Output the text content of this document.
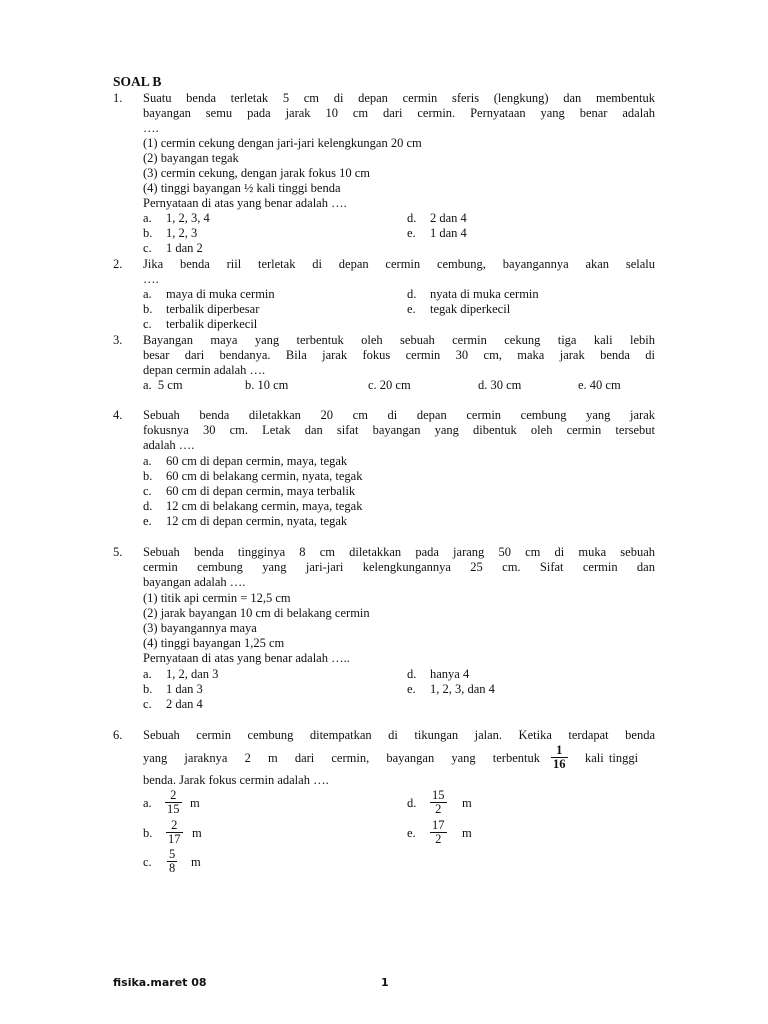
SOAL B
1. Suatu benda terletak 5 cm di depan cermin sferis (lengkung) dan membentuk
bayangan semu pada jarak 10 cm dari cermin. Pernyataan yang benar adalah
….
(1) cermin cekung dengan jari-jari kelengkungan 20 cm
(2) bayangan tegak
(3) cermin cekung, dengan jarak fokus 10 cm
(4) tinggi bayangan ½ kali tinggi benda
Pernyataan di atas yang benar adalah ….
a. 1, 2, 3, 4
b. 1, 2, 3
c. 1 dan 2
d. 2 dan 4
e. 1 dan 4
2. Jika benda riil terletak di depan cermin cembung, bayangannya akan selalu
….
a. maya di muka cermin
b. terbalik diperbesar
c. terbalik diperkecil
d. nyata di muka cermin
e. tegak diperkecil
3. Bayangan maya yang terbentuk oleh sebuah cermin cekung tiga kali lebih
besar dari bendanya. Bila jarak fokus cermin 30 cm, maka jarak benda di
depan cermin adalah ….
a.  5 cm	b. 10 cm	c. 20 cm	d. 30 cm	e. 40 cm
4. Sebuah benda diletakkan 20 cm di depan cermin cembung yang jarak
fokusnya 30 cm. Letak dan sifat bayangan yang dibentuk oleh cermin tersebut
adalah ….
a. 60 cm di depan cermin, maya, tegak
b. 60 cm di belakang cermin, nyata, tegak
c. 60 cm di depan cermin, maya terbalik
d. 12 cm di belakang cermin, maya, tegak
e. 12 cm di depan cermin, nyata, tegak
5. Sebuah benda tingginya 8 cm diletakkan pada jarang 50 cm di muka sebuah
cermin cembung yang jari-jari kelengkungannya 25 cm. Sifat cermin dan
bayangan adalah ….
(1) titik api cermin = 12,5 cm
(2) jarak bayangan 10 cm di belakang cermin
(3) bayangannya maya
(4) tinggi bayangan 1,25 cm
Pernyataan di atas yang benar adalah …..
a. 1, 2, dan 3
b. 1 dan 3
c. 2 dan 4
d. hanya 4
e. 1, 2, 3, dan 4
6. Sebuah cermin cembung ditempatkan di tikungan jalan. Ketika terdapat benda
yang jaraknya 2 m dari cermin, bayangan yang terbentuk $\frac{1}{16}$ kali tinggi
benda. Jarak fokus cermin adalah ….
a. $\frac{2}{15}$ m
b. $\frac{2}{17}$ m
c. $\frac{5}{8}$ m
d. $\frac{15}{2}$ m
e. $\frac{17}{2}$ m
fisika.maret 08	1
